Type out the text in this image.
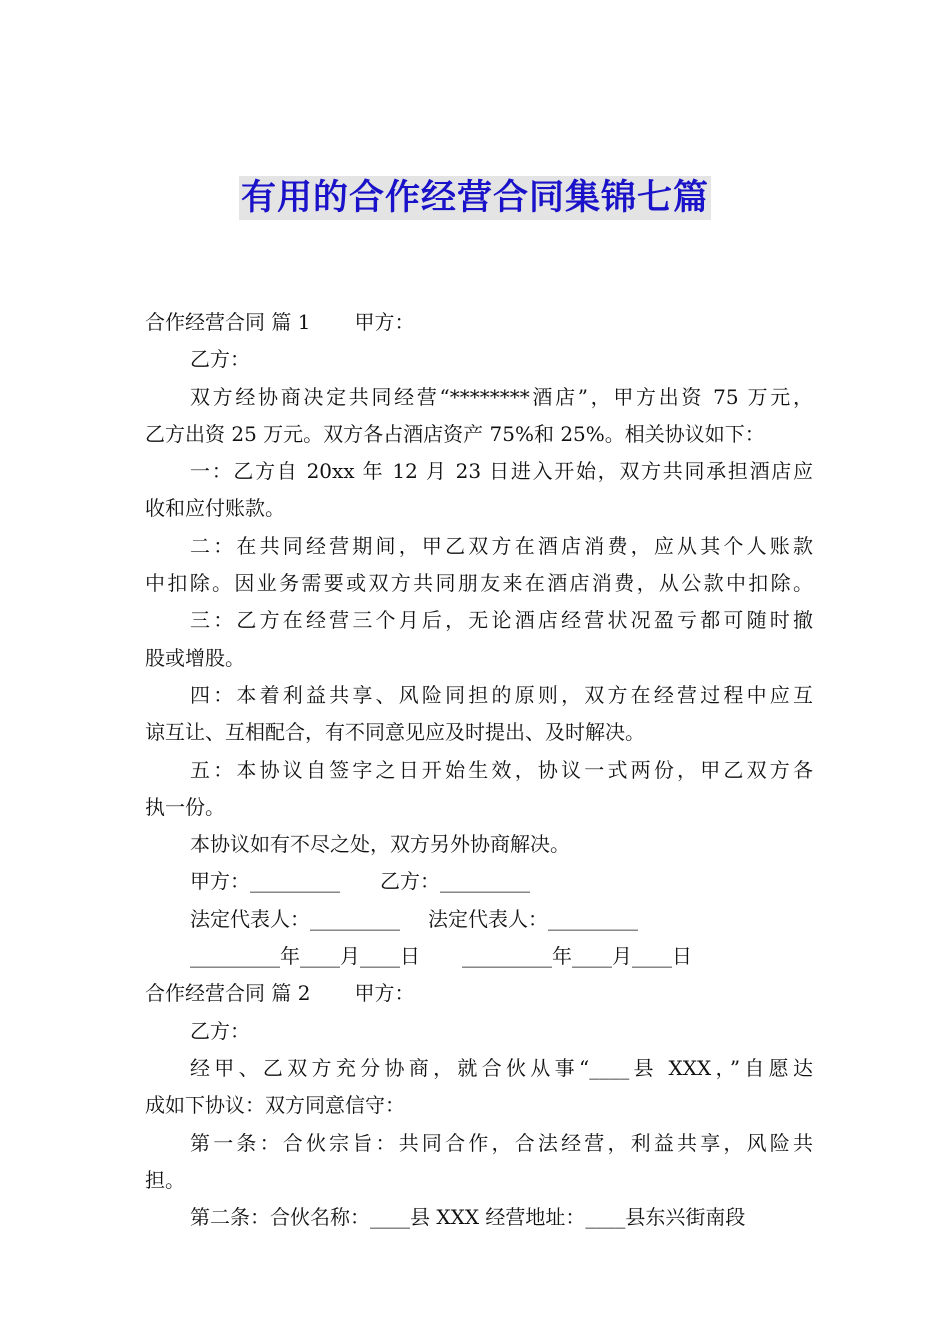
有用的合作经营合同集锦七篇
合作经营合同 篇 1 甲方：
乙方：
双方经协商决定共同经营“********酒店”，甲方出资 75 万元，
乙方出资 25 万元。双方各占酒店资产 75%和 25%。相关协议如下：
一：乙方自 20xx 年 12 月 23 日进入开始，双方共同承担酒店应
收和应付账款。
二：在共同经营期间，甲乙双方在酒店消费，应从其个人账款
中扣除。因业务需要或双方共同朋友来在酒店消费，从公款中扣除。
三：乙方在经营三个月后，无论酒店经营状况盈亏都可随时撤
股或增股。
四：本着利益共享、风险同担的原则，双方在经营过程中应互
谅互让、互相配合，有不同意见应及时提出、及时解决。
五：本协议自签字之日开始生效，协议一式两份，甲乙双方各
执一份。
本协议如有不尽之处，双方另外协商解决。
甲方：_________ 乙方：_________
法定代表人：_________ 法定代表人：_________
_________年____月____日 _________年____月____日
合作经营合同 篇 2 甲方：
乙方：
经甲、乙双方充分协商，就合伙从事“____县 XXX，”自愿达
成如下协议：双方同意信守：
第一条：合伙宗旨：共同合作，合法经营，利益共享，风险共
担。
第二条：合伙名称：____县 XXX 经营地址：____县东兴街南段
